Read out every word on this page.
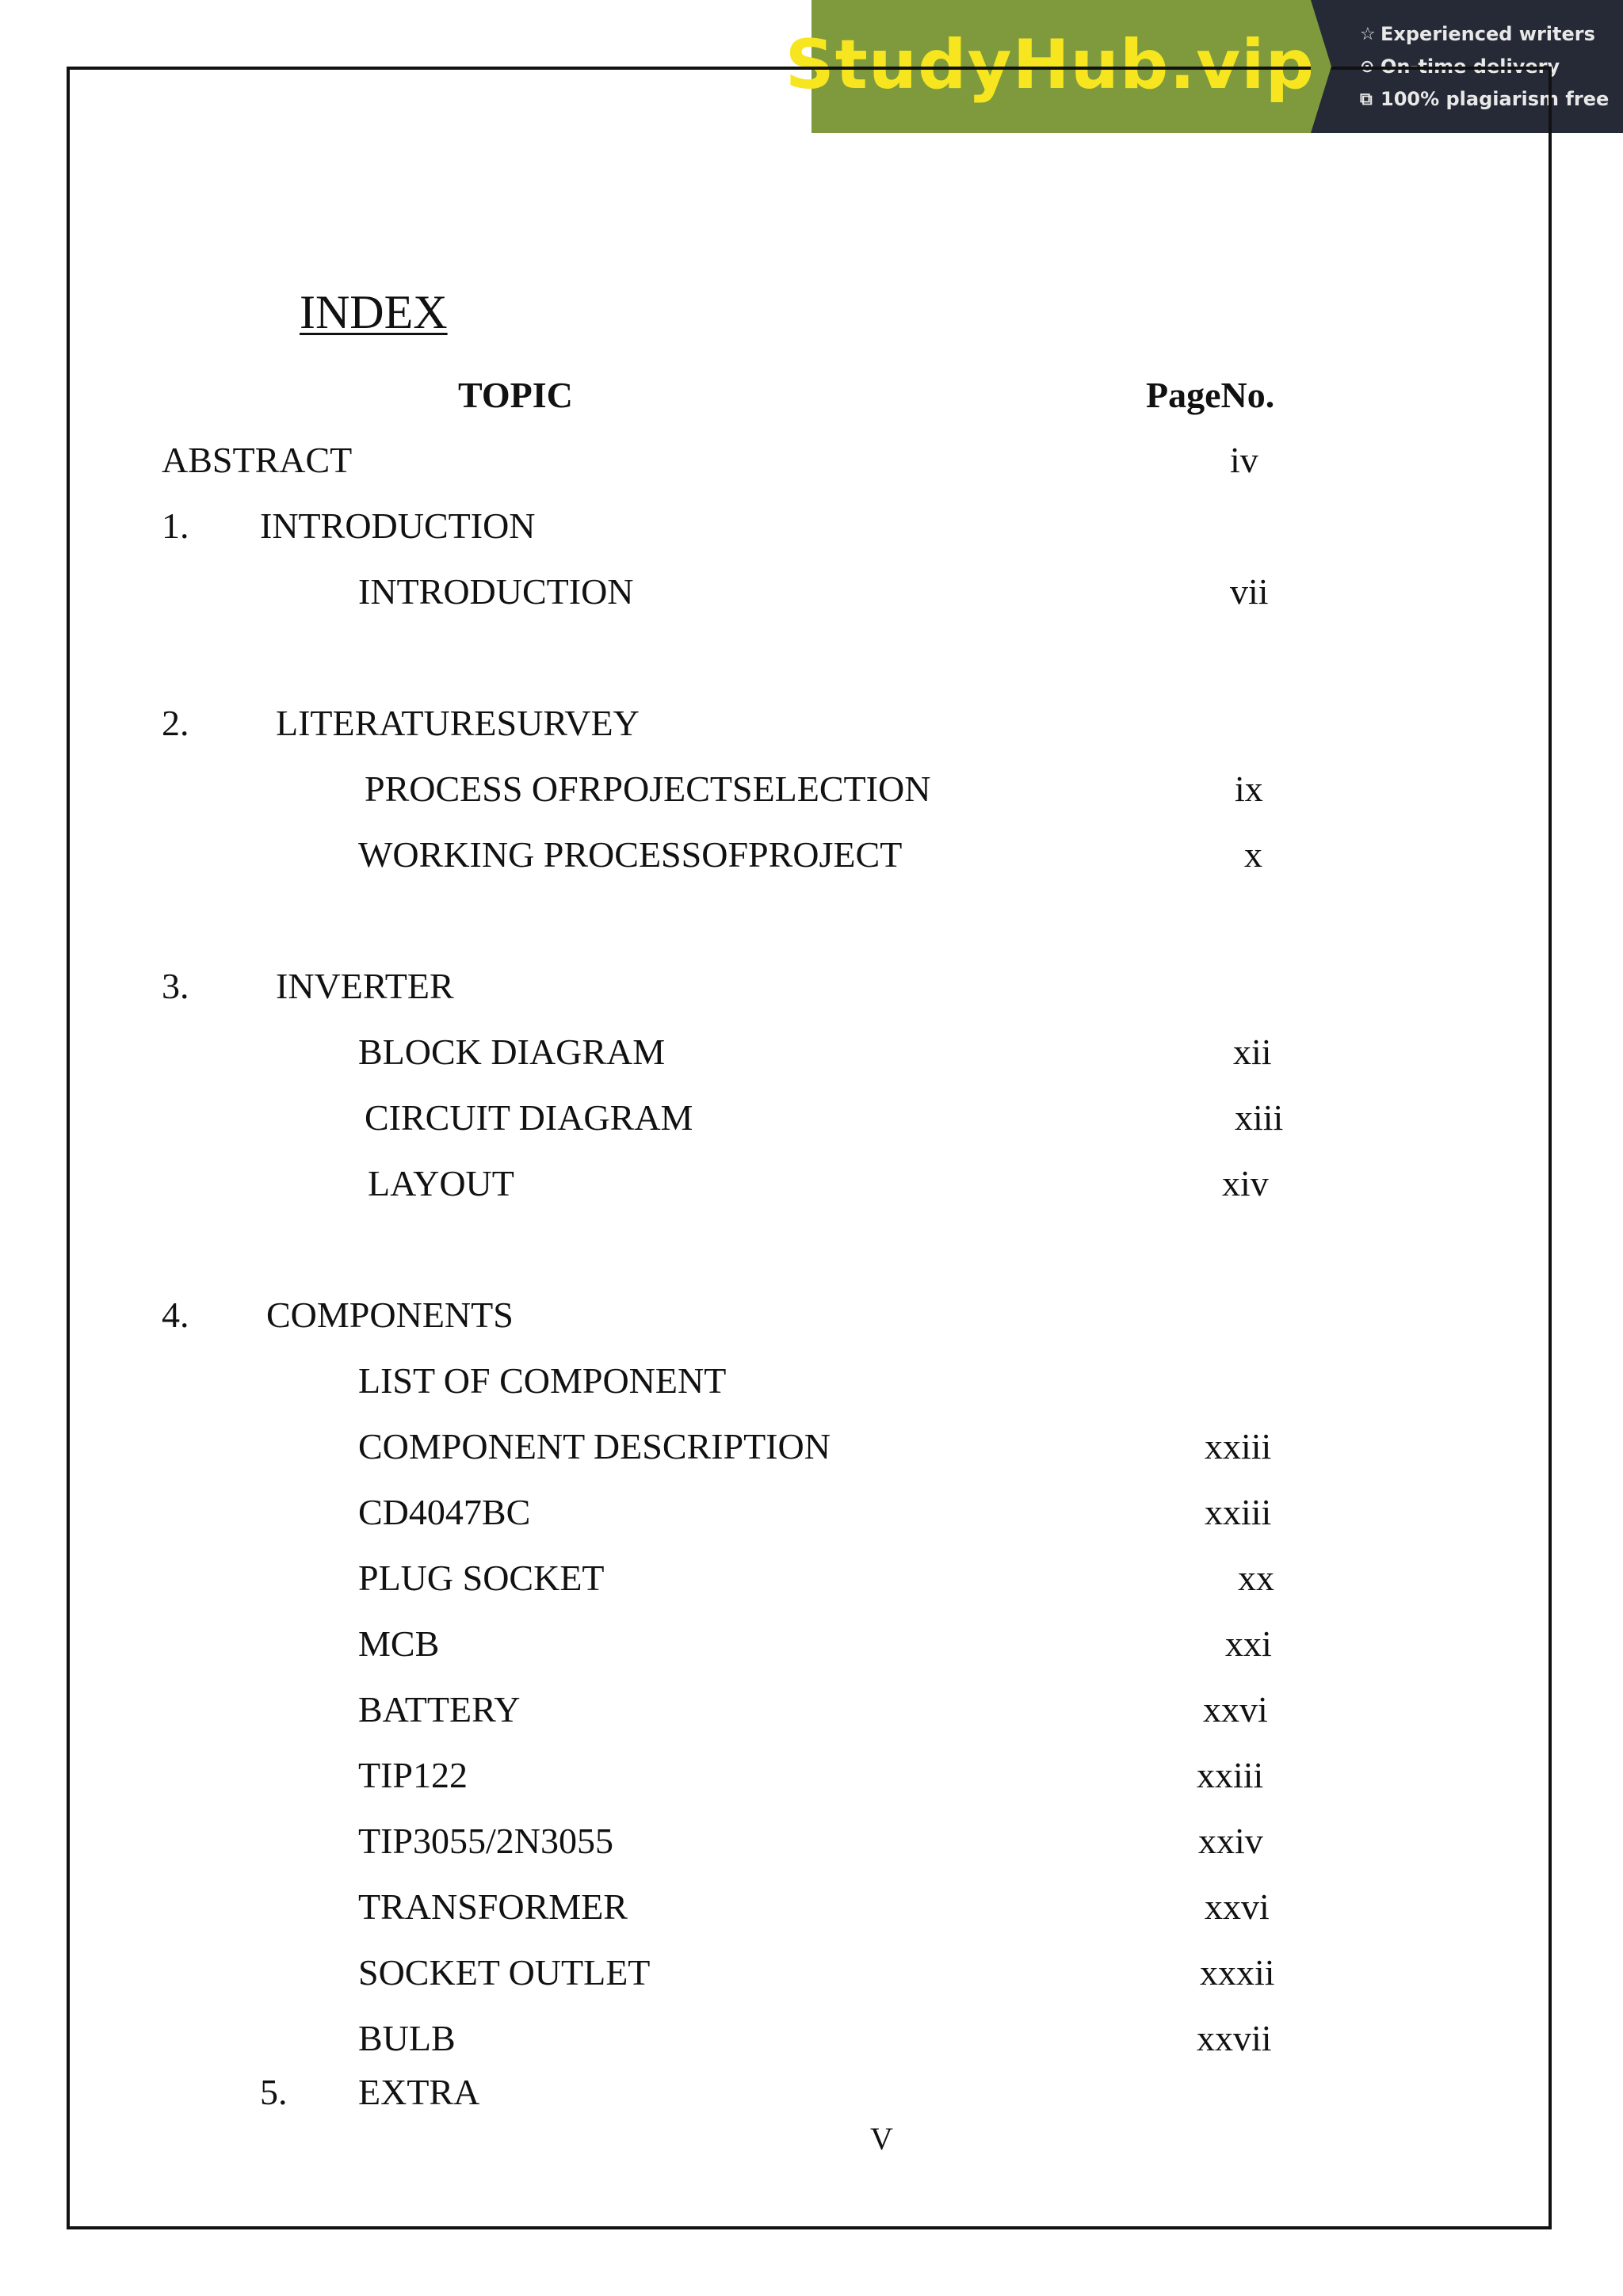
StudyHub.vip	☆ Experienced writers
⊙ On-time delivery
⧉ 100% plagiarism free
INDEX
TOPIC	PageNo.
ABSTRACT	iv
1. INTRODUCTION
INTRODUCTION	vii
2. LITERATURESURVEY
PROCESS OFRPOJECTSELECTION	ix
WORKING PROCESSOFPROJECT	x
3. INVERTER
BLOCK DIAGRAM	xii
CIRCUIT DIAGRAM	xiii
LAYOUT	xiv
4. COMPONENTS
LIST OF COMPONENT
COMPONENT DESCRIPTION	xxiii
CD4047BC	xxiii
PLUG SOCKET	xx
MCB	xxi
BATTERY	xxvi
TIP122	xxiii
TIP3055/2N3055	xxiv
TRANSFORMER	xxvi
SOCKET OUTLET	xxxii
BULB	xxvii
5. EXTRA
V
